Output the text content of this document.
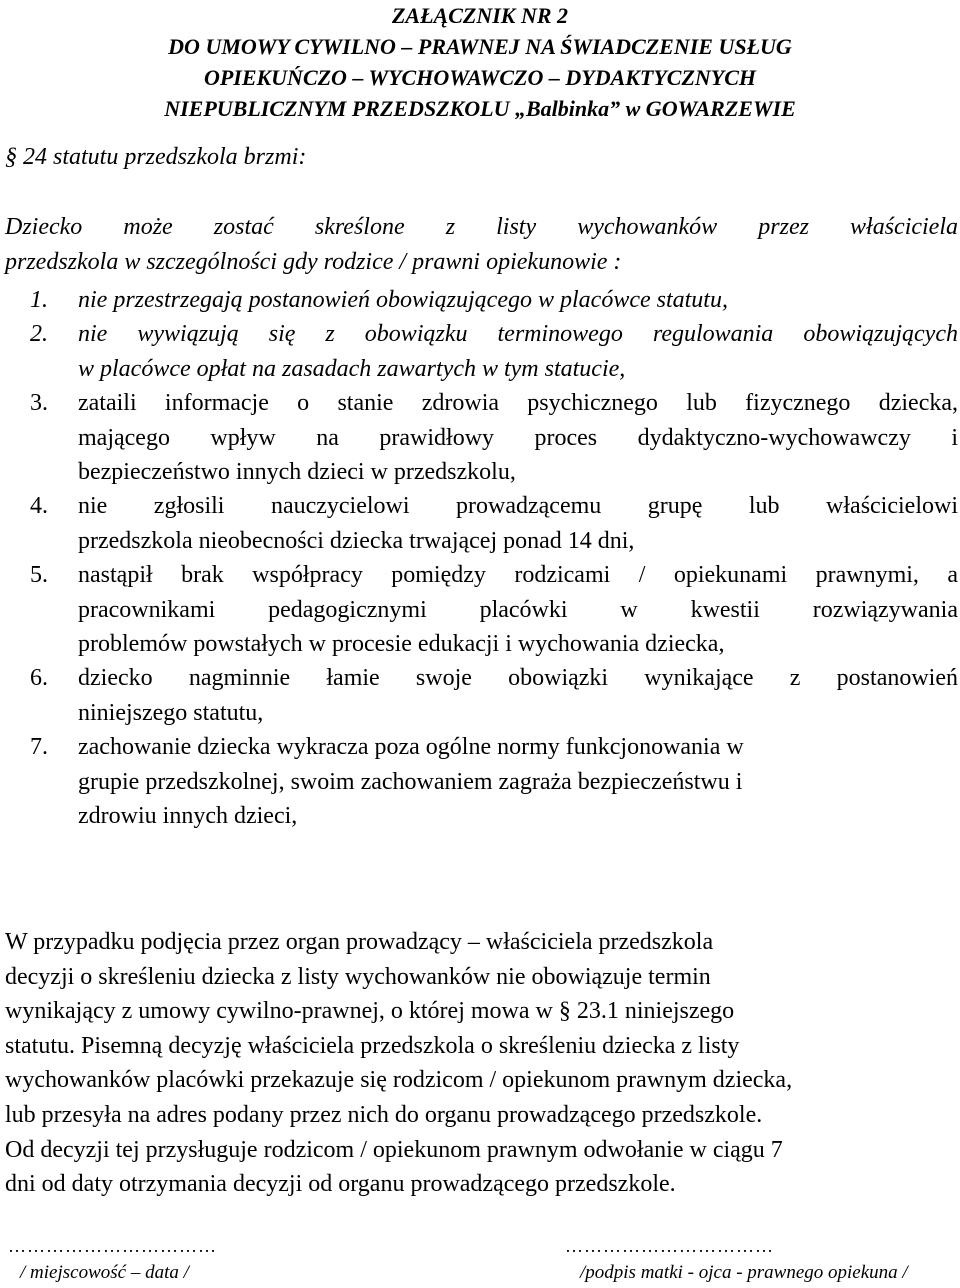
ZAŁĄCZNIK NR 2
DO UMOWY CYWILNO – PRAWNEJ NA ŚWIADCZENIE USŁUG
OPIEKUŃCZO – WYCHOWAWCZO – DYDAKTYCZNYCH
NIEPUBLICZNYM PRZEDSZKOLU „Balbinka” w GOWARZEWIE
§ 24 statutu przedszkola brzmi:
Dziecko może zostać skreślone z listy wychowanków przez właściciela
przedszkola w szczególności gdy rodzice / prawni opiekunowie :
1. nie przestrzegają postanowień obowiązującego w placówce statutu,
2. nie wywiązują się z obowiązku terminowego regulowania obowiązujących
w placówce opłat na zasadach zawartych w tym statucie,
3. zataili informacje o stanie zdrowia psychicznego lub fizycznego dziecka,
mającego wpływ na prawidłowy proces dydaktyczno-wychowawczy i
bezpieczeństwo innych dzieci w przedszkolu,
4. nie zgłosili nauczycielowi prowadzącemu grupę lub właścicielowi
przedszkola nieobecności dziecka trwającej ponad 14 dni,
5. nastąpił brak współpracy pomiędzy rodzicami / opiekunami prawnymi, a
pracownikami pedagogicznymi placówki w kwestii rozwiązywania
problemów powstałych w procesie edukacji i wychowania dziecka,
6. dziecko nagminnie łamie swoje obowiązki wynikające z postanowień
niniejszego statutu,
7. zachowanie dziecka wykracza poza ogólne normy funkcjonowania w
grupie przedszkolnej, swoim zachowaniem zagraża bezpieczeństwu i
zdrowiu innych dzieci,
W przypadku podjęcia przez organ prowadzący – właściciela przedszkola
decyzji o skreśleniu dziecka z listy wychowanków nie obowiązuje termin
wynikający z umowy cywilno-prawnej, o której mowa w § 23.1 niniejszego
statutu. Pisemną decyzję właściciela przedszkola o skreśleniu dziecka z listy
wychowanków placówki przekazuje się rodzicom / opiekunom prawnym dziecka,
lub przesyła na adres podany przez nich do organu prowadzącego przedszkole.
Od decyzji tej przysługuje rodzicom / opiekunom prawnym odwołanie w ciągu 7
dni od daty otrzymania decyzji od organu prowadzącego przedszkole.
……………………………
/ miejscowość – data /
……………………………
/podpis matki - ojca - prawnego opiekuna /
